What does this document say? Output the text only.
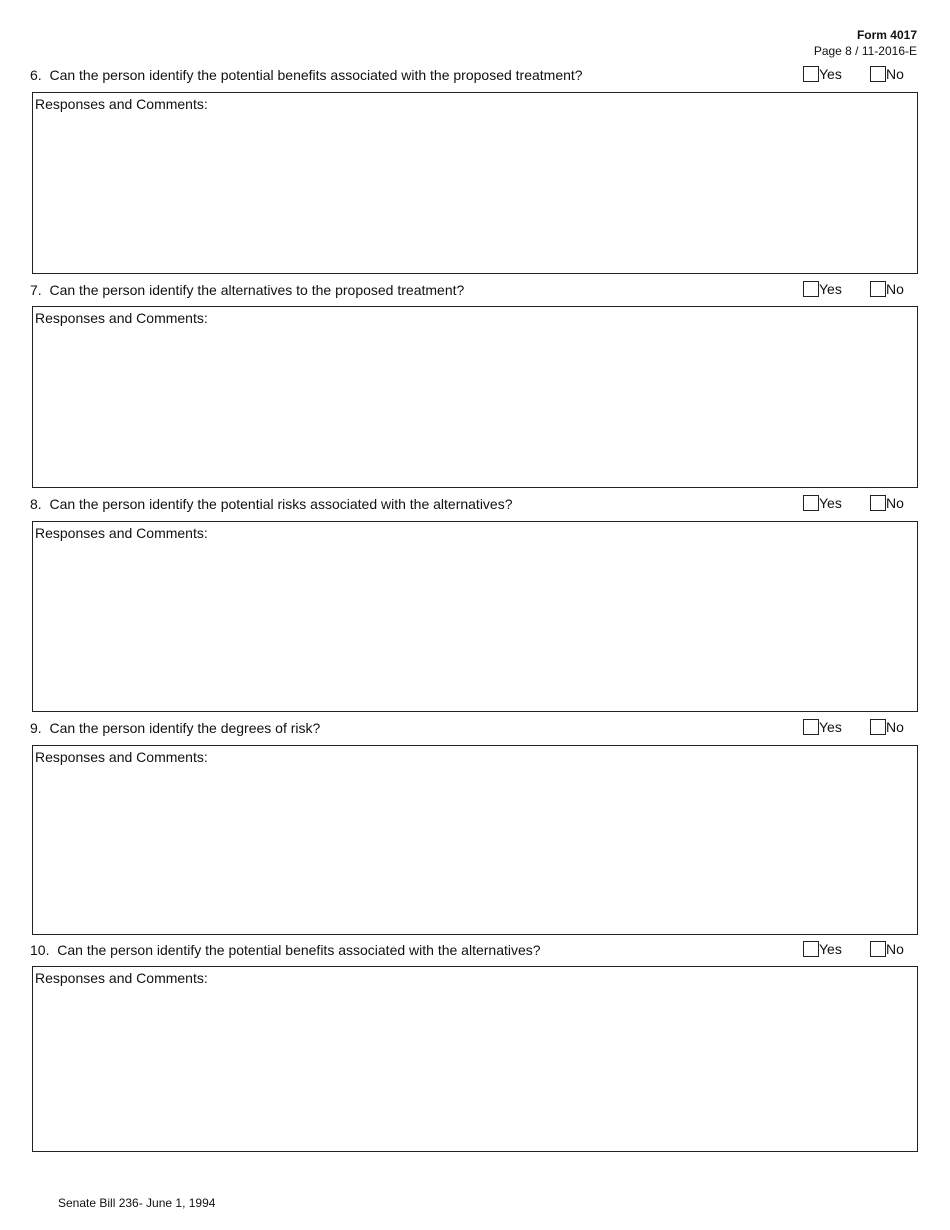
Form 4017
Page 8 / 11-2016-E
6. Can the person identify the potential benefits associated with the proposed treatment?	Yes	No
Responses and Comments:
7. Can the person identify the alternatives to the proposed treatment?	Yes	No
Responses and Comments:
8. Can the person identify the potential risks associated with the alternatives?	Yes	No
Responses and Comments:
9. Can the person identify the degrees of risk?	Yes	No
Responses and Comments:
10. Can the person identify the potential benefits associated with the alternatives?	Yes	No
Responses and Comments:
Senate Bill 236- June 1, 1994
